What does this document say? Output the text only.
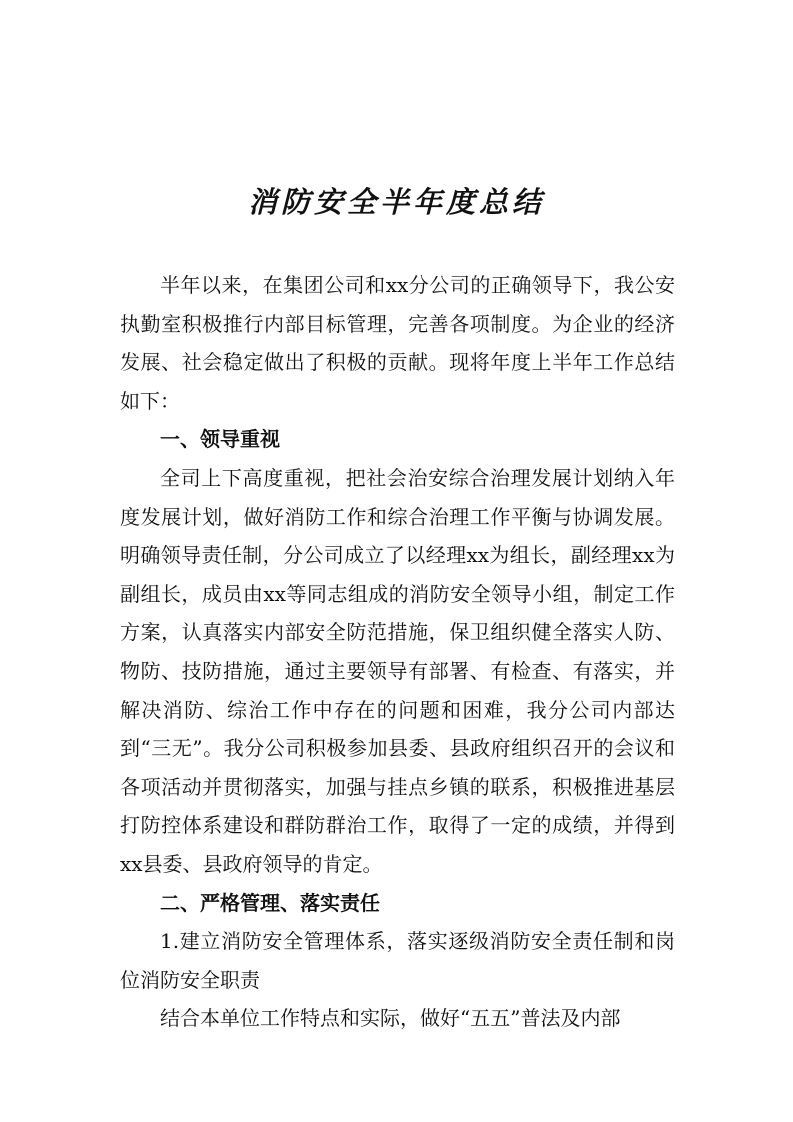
消防安全半年度总结

半年以来，在集团公司和xx分公司的正确领导下，我公安执勤室积极推行内部目标管理，完善各项制度。为企业的经济发展、社会稳定做出了积极的贡献。现将年度上半年工作总结如下：

一、领导重视

全司上下高度重视，把社会治安综合治理发展计划纳入年度发展计划，做好消防工作和综合治理工作平衡与协调发展。明确领导责任制，分公司成立了以经理xx为组长，副经理xx为副组长，成员由xx等同志组成的消防安全领导小组，制定工作方案，认真落实内部安全防范措施，保卫组织健全落实人防、物防、技防措施，通过主要领导有部署、有检查、有落实，并解决消防、综治工作中存在的问题和困难，我分公司内部达到“三无”。我分公司积极参加县委、县政府组织召开的会议和各项活动并贯彻落实，加强与挂点乡镇的联系，积极推进基层打防控体系建设和群防群治工作，取得了一定的成绩，并得到xx县委、县政府领导的肯定。

二、严格管理、落实责任

1.建立消防安全管理体系，落实逐级消防安全责任制和岗位消防安全职责

结合本单位工作特点和实际，做好“五五”普法及内部
